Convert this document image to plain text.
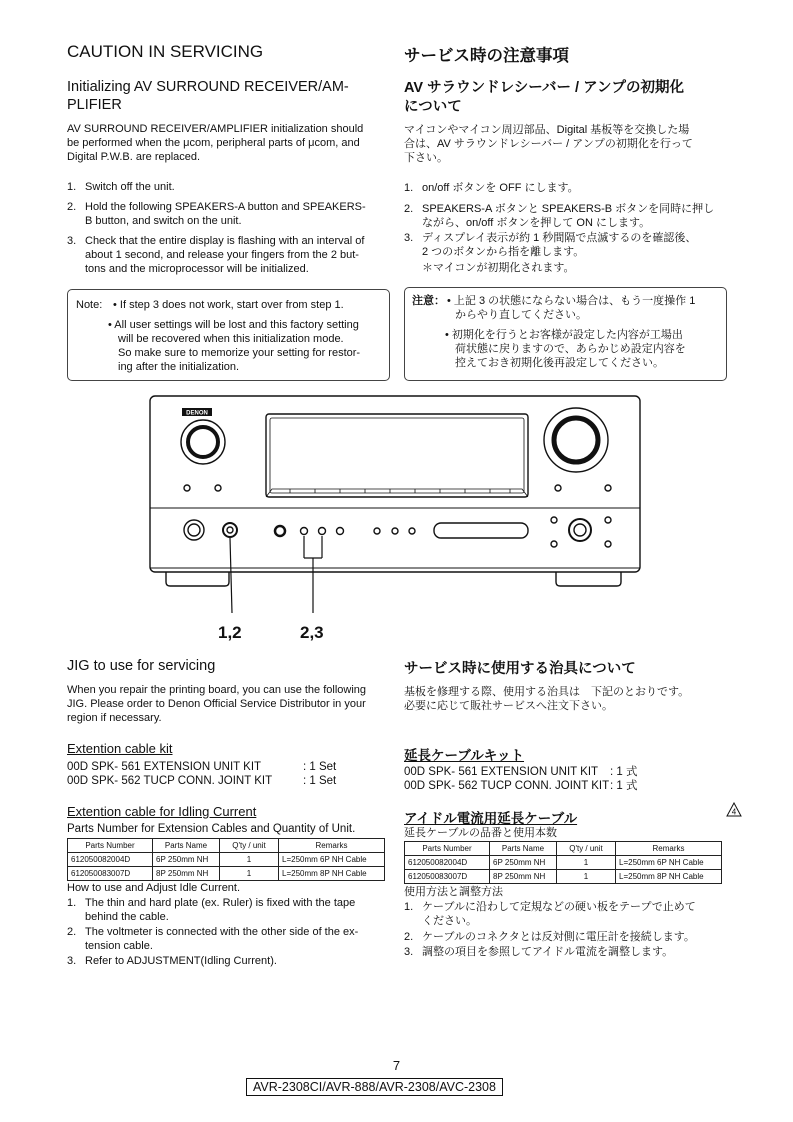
CAUTION IN SERVICING
Initializing AV SURROUND RECEIVER/AM-
PLIFIER
AV SURROUND RECEIVER/AMPLIFIER initialization should
be performed when the μcom, peripheral parts of μcom, and
Digital P.W.B. are replaced.
1. Switch off the unit.
2. Hold the following SPEAKERS-A button and SPEAKERS-
B button, and switch on the unit.
3. Check that the entire display is flashing with an interval of
about 1 second, and release your fingers from the 2 but-
tons and the microprocessor will be initialized.
Note: • If step 3 does not work, start over from step 1.
• All user settings will be lost and this factory setting
will be recovered when this initialization mode.
So make sure to memorize your setting for restor-
ing after the initialization.
サービス時の注意事項
AV サラウンドレシーバー / アンプの初期化
について
マイコンやマイコン周辺部品、Digital 基板等を交換した場
合は、AV サラウンドレシーバー / アンプの初期化を行って
下さい。
1. on/off ボタンを OFF にします。
2. SPEAKERS-A ボタンと SPEAKERS-B ボタンを同時に押し
ながら、on/off ボタンを押して ON にします。
3. ディスプレイ表示が約 1 秒間隔で点滅するのを確認後、
2 つのボタンから指を離します。
＊マイコンが初期化されます。
注意： • 上記 3 の状態にならない場合は、もう一度操作 1
からやり直してください。
• 初期化を行うとお客様が設定した内容が工場出
荷状態に戻りますので、あらかじめ設定内容を
控えておき初期化後再設定してください。
DENON
1,2	2,3
JIG to use for servicing
When you repair the printing board, you can use the following
JIG. Please order to Denon Official Service Distributor in your
region if necessary.
Extention cable kit
00D SPK- 561 EXTENSION UNIT KIT	: 1 Set
00D SPK- 562 TUCP CONN. JOINT KIT	: 1 Set
Extention cable for Idling Current
Parts Number for Extension Cables and Quantity of Unit.
Parts Number	Parts Name	Q'ty / unit	Remarks
612050082004D	6P 250mm NH	1	L=250mm 6P NH Cable
612050083007D	8P 250mm NH	1	L=250mm 8P NH Cable
How to use and Adjust Idle Current.
1. The thin and hard plate (ex. Ruler) is fixed with the tape
behind the cable.
2. The voltmeter is connected with the other side of the ex-
tension cable.
3. Refer to ADJUSTMENT(Idling Current).
サービス時に使用する治具について
基板を修理する際、使用する治具は　下記のとおりです。
必要に応じて販社サービスへ注文下さい。
延長ケーブルキット
00D SPK- 561 EXTENSION UNIT KIT : 1 式
00D SPK- 562 TUCP CONN. JOINT KIT : 1 式
アイドル電流用延長ケーブル
延長ケーブルの品番と使用本数
4
Parts Number	Parts Name	Q'ty / unit	Remarks
612050082004D	6P 250mm NH	1	L=250mm 6P NH Cable
612050083007D	8P 250mm NH	1	L=250mm 8P NH Cable
使用方法と調整方法
1. ケーブルに沿わして定規などの硬い板をテープで止めて
ください。
2. ケーブルのコネクタとは反対側に電圧計を接続します。
3. 調整の項目を参照してアイドル電流を調整します。
7
AVR-2308CI/AVR-888/AVR-2308/AVC-2308
